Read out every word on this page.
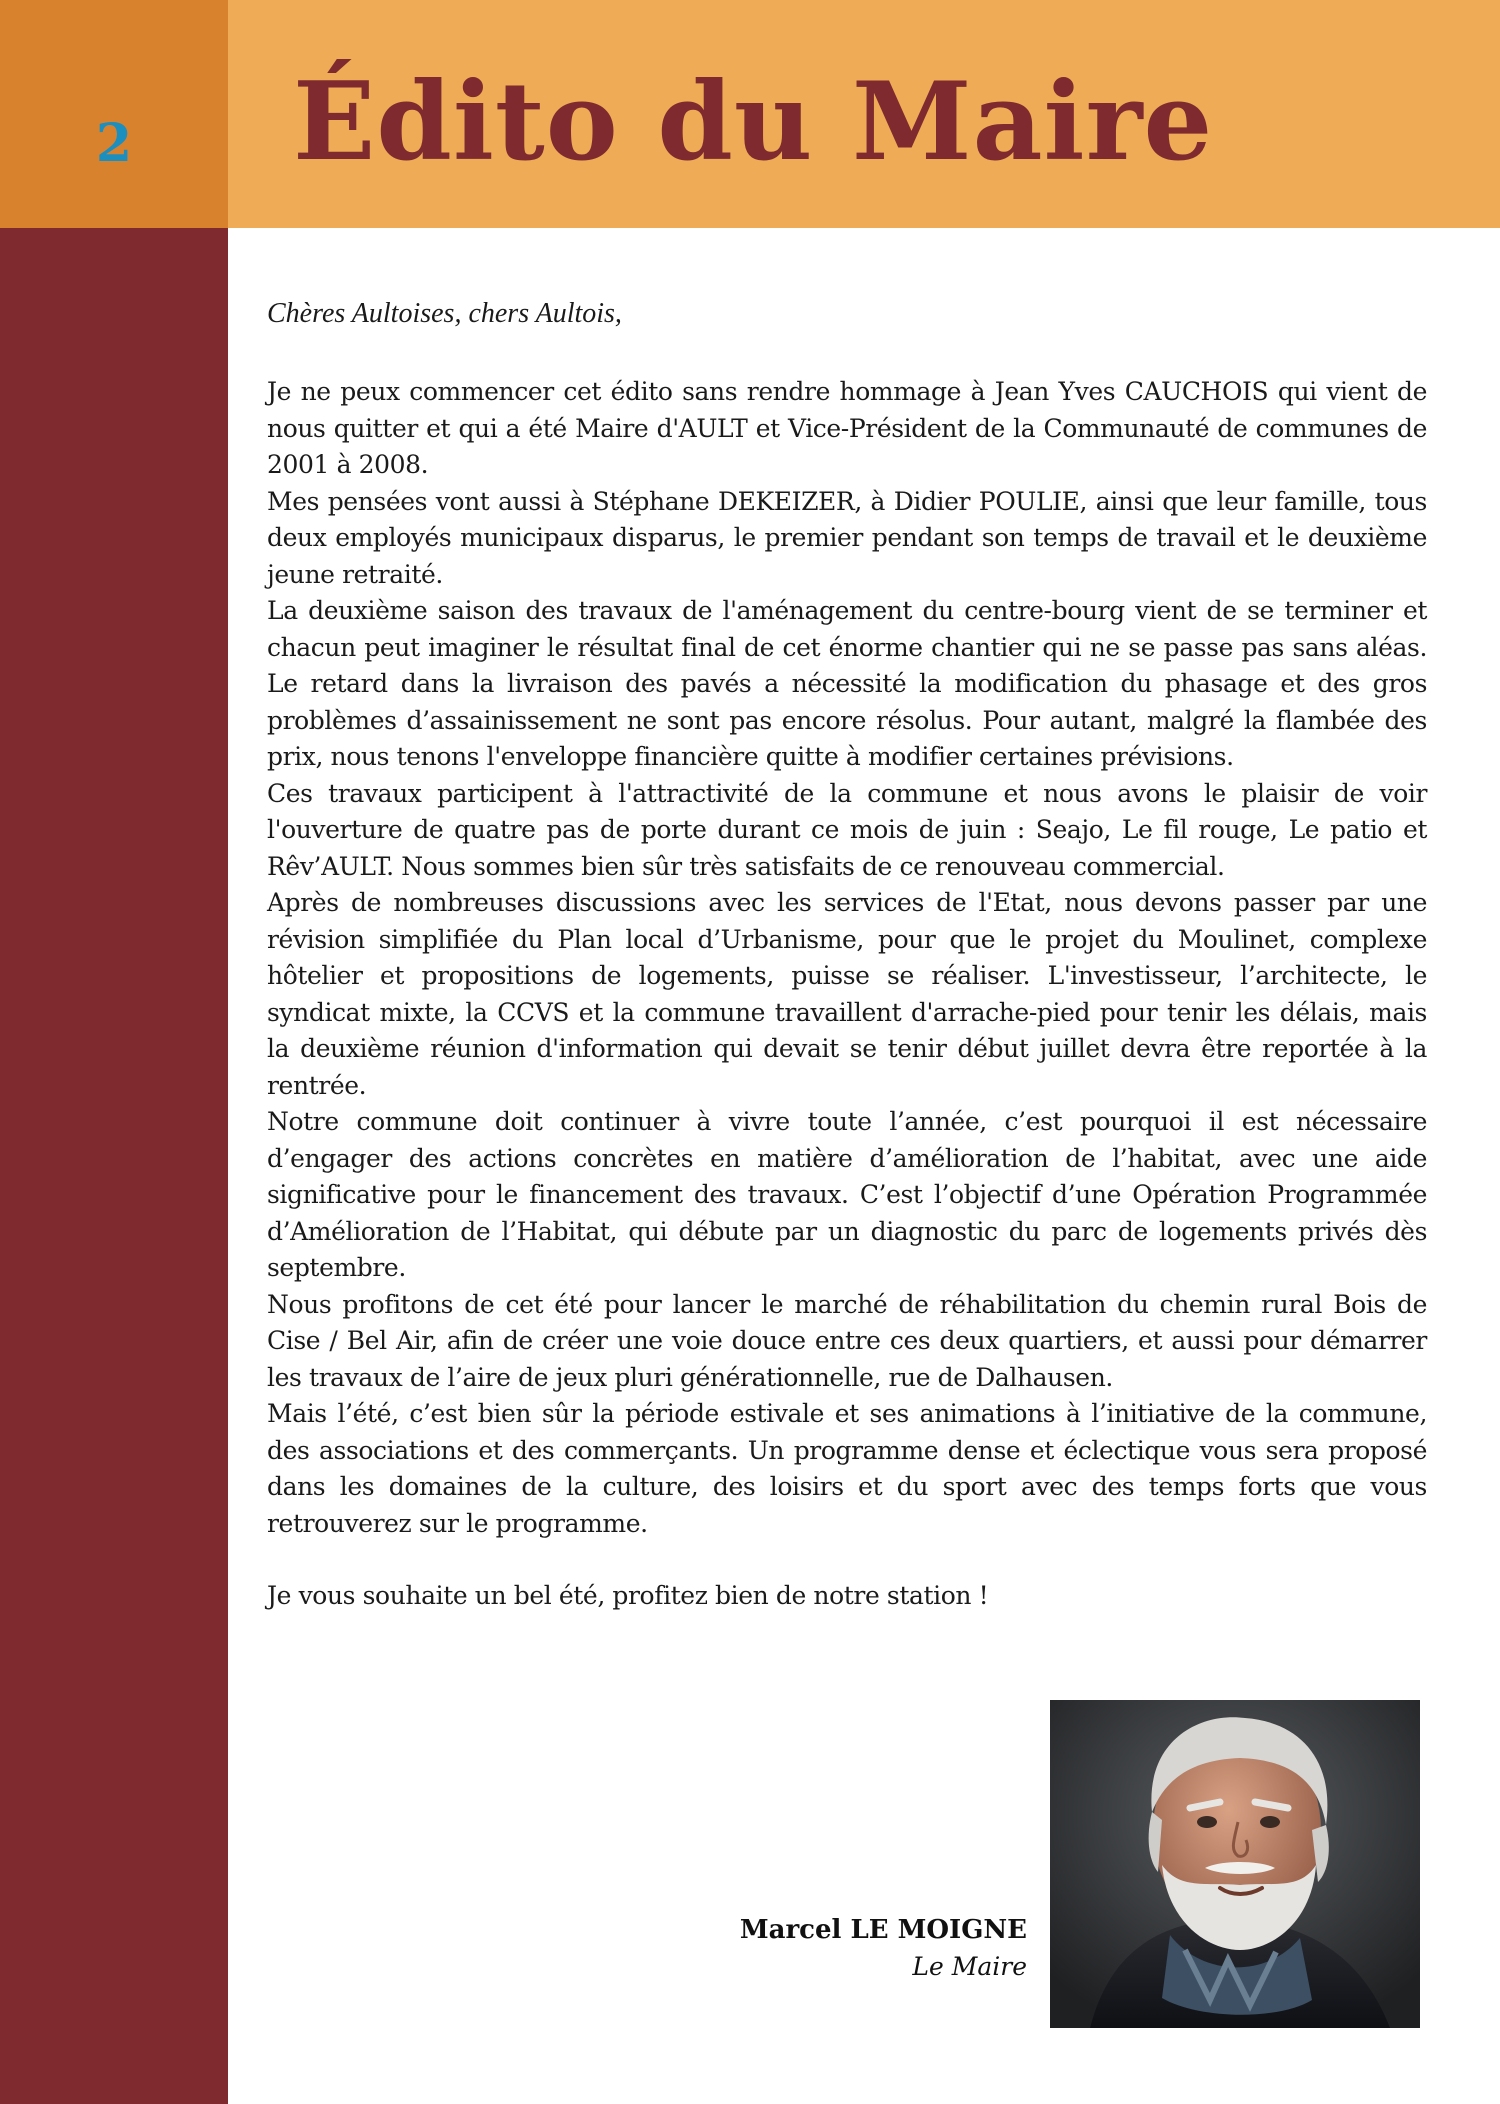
2	Édito du Maire

Chères Aultoises, chers Aultois,

Je ne peux commencer cet édito sans rendre hommage à Jean Yves CAUCHOIS qui vient de nous quitter et qui a été Maire d'AULT et Vice-Président de la Communauté de communes de 2001 à 2008.

Mes pensées vont aussi à Stéphane DEKEIZER, à Didier POULIE, ainsi que leur famille, tous deux employés municipaux disparus, le premier pendant son temps de travail et le deuxième jeune retraité.

La deuxième saison des travaux de l'aménagement du centre-bourg vient de se terminer et chacun peut imaginer le résultat final de cet énorme chantier qui ne se passe pas sans aléas. Le retard dans la livraison des pavés a nécessité la modification du phasage et des gros problèmes d’assainissement ne sont pas encore résolus. Pour autant, malgré la flambée des prix, nous tenons l'enveloppe financière quitte à modifier certaines prévisions.

Ces travaux participent à l'attractivité de la commune et nous avons le plaisir de voir l'ouverture de quatre pas de porte durant ce mois de juin : Seajo, Le fil rouge, Le patio et Rêv’AULT. Nous sommes bien sûr très satisfaits de ce renouveau commercial.

Après de nombreuses discussions avec les services de l'Etat, nous devons passer par une révision simplifiée du Plan local d’Urbanisme, pour que le projet du Moulinet, complexe hôtelier et propositions de logements, puisse se réaliser. L'investisseur, l’architecte, le syndicat mixte, la CCVS et la commune travaillent d'arrache-pied pour tenir les délais, mais la deuxième réunion d'information qui devait se tenir début juillet devra être reportée à la rentrée.

Notre commune doit continuer à vivre toute l’année, c’est pourquoi il est nécessaire d’engager des actions concrètes en matière d’amélioration de l’habitat, avec une aide significative pour le financement des travaux. C’est l’objectif d’une Opération Programmée d’Amélioration de l’Habitat, qui débute par un diagnostic du parc de logements privés dès septembre.

Nous profitons de cet été pour lancer le marché de réhabilitation du chemin rural Bois de Cise / Bel Air, afin de créer une voie douce entre ces deux quartiers, et aussi pour démarrer les travaux de l’aire de jeux pluri générationnelle, rue de Dalhausen.

Mais l’été, c’est bien sûr la période estivale et ses animations à l’initiative de la commune, des associations et des commerçants. Un programme dense et éclectique vous sera proposé dans les domaines de la culture, des loisirs et du sport avec des temps forts que vous retrouverez sur le programme.

Je vous souhaite un bel été, profitez bien de notre station !

Marcel LE MOIGNE
Le Maire
